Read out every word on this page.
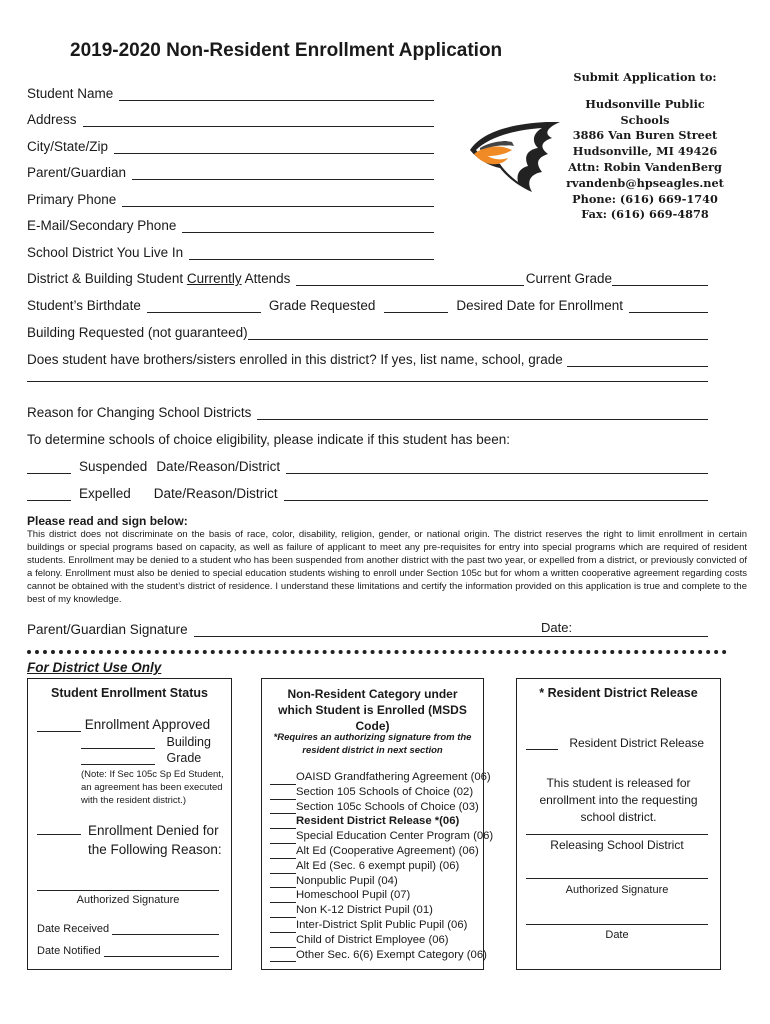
2019-2020 Non-Resident Enrollment Application
Submit Application to:
Hudsonville Public Schools
3886 Van Buren Street
Hudsonville, MI 49426
Attn: Robin VandenBerg
rvandenb@hpseagles.net
Phone: (616) 669-1740
Fax: (616) 669-4878
Student Name
Address
City/State/Zip
Parent/Guardian
Primary Phone
E-Mail/Secondary Phone
School District You Live In
District & Building Student Currently Attends	Current Grade
Student’s Birthdate	Grade Requested	Desired Date for Enrollment
Building Requested (not guaranteed)
Does student have brothers/sisters enrolled in this district? If yes, list name, school, grade
Reason for Changing School Districts
To determine schools of choice eligibility, please indicate if this student has been:
Suspended Date/Reason/District
Expelled Date/Reason/District
Please read and sign below:
This district does not discriminate on the basis of race, color, disability, religion, gender, or national origin. The district reserves the right to limit enrollment in certain buildings or special programs based on capacity, as well as failure of applicant to meet any pre-requisites for entry into special programs which are required of resident students. Enrollment may be denied to a student who has been suspended from another district with the past two year, or expelled from a district, or previously convicted of a felony. Enrollment must also be denied to special education students wishing to enroll under Section 105c but for whom a written cooperative agreement regarding costs cannot be obtained with the student’s district of residence. I understand these limitations and certify the information provided on this application is true and complete to the best of my knowledge.
Parent/Guardian Signature	Date:
For District Use Only
Student Enrollment Status
Enrollment Approved
Building
Grade
(Note: If Sec 105c Sp Ed Student, an agreement has been executed with the resident district.)
Enrollment Denied for the Following Reason:
Authorized Signature
Date Received
Date Notified
Non-Resident Category under which Student is Enrolled (MSDS Code)
*Requires an authorizing signature from the resident district in next section
OAISD Grandfathering Agreement (06)
Section 105 Schools of Choice (02)
Section 105c Schools of Choice (03)
Resident District Release *(06)
Special Education Center Program (06)
Alt Ed (Cooperative Agreement) (06)
Alt Ed (Sec. 6 exempt pupil) (06)
Nonpublic Pupil (04)
Homeschool Pupil (07)
Non K-12 District Pupil (01)
Inter-District Split Public Pupil (06)
Child of District Employee (06)
Other Sec. 6(6) Exempt Category (06)
* Resident District Release
Resident District Release
This student is released for enrollment into the requesting school district.
Releasing School District
Authorized Signature
Date
